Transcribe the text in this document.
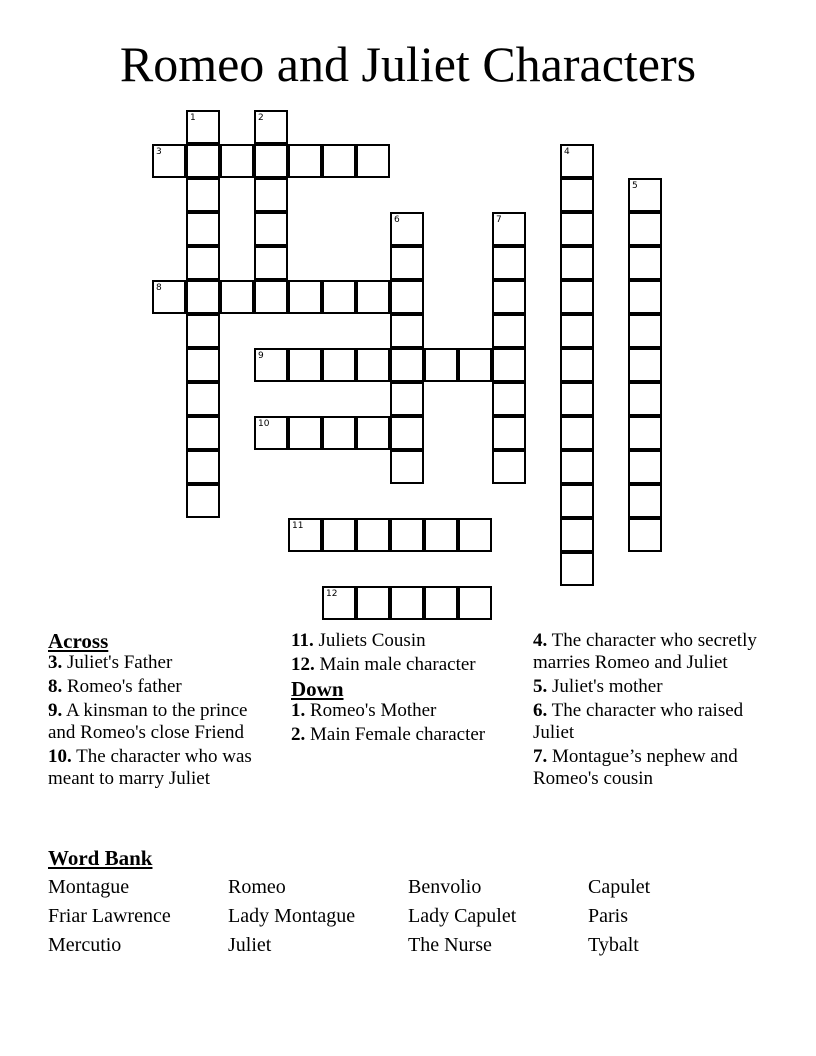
Romeo and Juliet Characters
1	2
3	4
5
6	7
8
9
10
11
12

Across

3. Juliet's Father

8. Romeo's father

9. A kinsman to the prince and Romeo's close Friend

10. The character who was meant to marry Juliet

11. Juliets Cousin

12. Main male character

Down

1. Romeo's Mother

2. Main Female character

4. The character who secretly marries Romeo and Juliet

5. Juliet's mother

6. The character who raised Juliet

7. Montague’s nephew and Romeo's cousin

Word Bank

Montague	Romeo	Benvolio	Capulet
Friar Lawrence	Lady Montague	Lady Capulet	Paris
Mercutio	Juliet	The Nurse	Tybalt
